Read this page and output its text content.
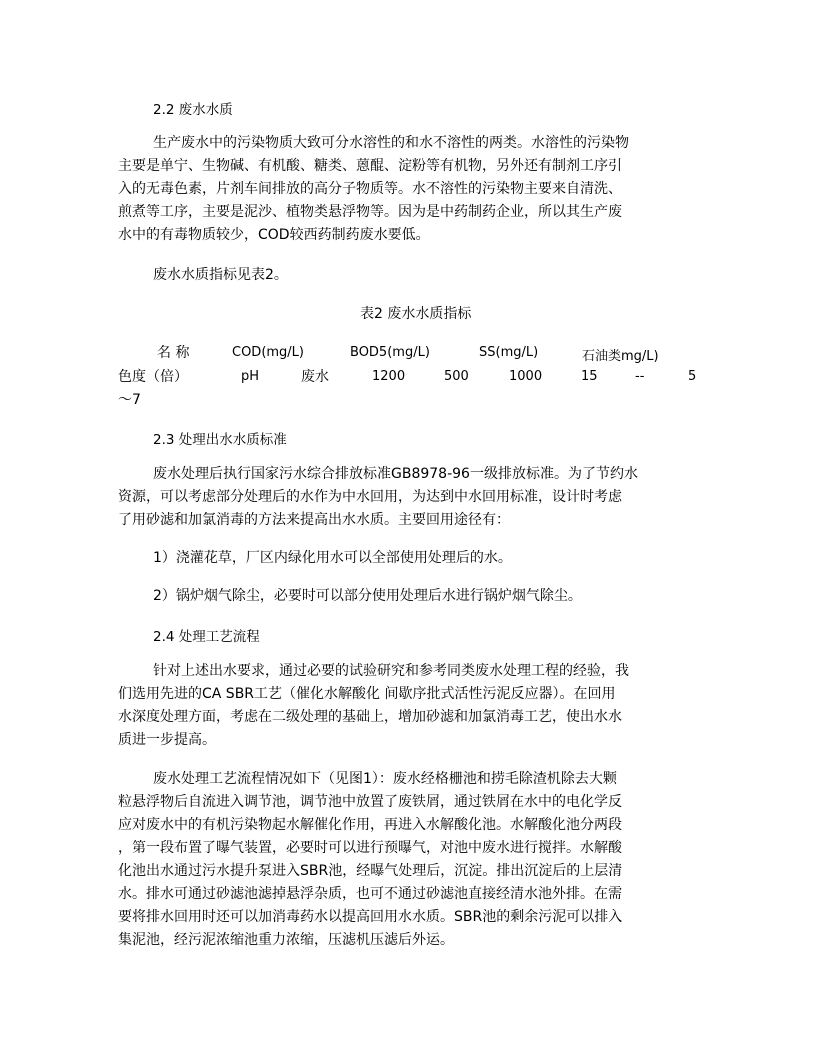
2.2 废水水质
生产废水中的污染物质大致可分水溶性的和水不溶性的两类。水溶性的污染物
主要是单宁、生物碱、有机酸、糖类、蒽醌、淀粉等有机物，另外还有制剂工序引
入的无毒色素，片剂车间排放的高分子物质等。水不溶性的污染物主要来自清洗、
煎煮等工序，主要是泥沙、植物类悬浮物等。因为是中药制药企业，所以其生产废
水中的有毒物质较少，COD较西药制药废水要低。
废水水质指标见表2。
表2 废水水质指标
名 称	COD(mg/L)	BOD5(mg/L)	SS(mg/L)	石油类mg/L)
色度（倍）	pH	废水	1200	500	1000	15	--	5
～7
2.3 处理出水水质标准
废水处理后执行国家污水综合排放标准GB8978-96一级排放标准。为了节约水
资源，可以考虑部分处理后的水作为中水回用，为达到中水回用标准，设计时考虑
了用砂滤和加氯消毒的方法来提高出水水质。主要回用途径有：
1）浇灌花草，厂区内绿化用水可以全部使用处理后的水。
2）锅炉烟气除尘，必要时可以部分使用处理后水进行锅炉烟气除尘。
2.4 处理工艺流程
针对上述出水要求，通过必要的试验研究和参考同类废水处理工程的经验，我
们选用先进的CA SBR工艺（催化水解酸化 间歇序批式活性污泥反应器）。在回用
水深度处理方面，考虑在二级处理的基础上，增加砂滤和加氯消毒工艺，使出水水
质进一步提高。
废水处理工艺流程情况如下（见图1）：废水经格栅池和捞毛除渣机除去大颗
粒悬浮物后自流进入调节池，调节池中放置了废铁屑，通过铁屑在水中的电化学反
应对废水中的有机污染物起水解催化作用，再进入水解酸化池。水解酸化池分两段
，第一段布置了曝气装置，必要时可以进行预曝气，对池中废水进行搅拌。水解酸
化池出水通过污水提升泵进入SBR池，经曝气处理后，沉淀。排出沉淀后的上层清
水。排水可通过砂滤池滤掉悬浮杂质，也可不通过砂滤池直接经清水池外排。在需
要将排水回用时还可以加消毒药水以提高回用水水质。SBR池的剩余污泥可以排入
集泥池，经污泥浓缩池重力浓缩，压滤机压滤后外运。
